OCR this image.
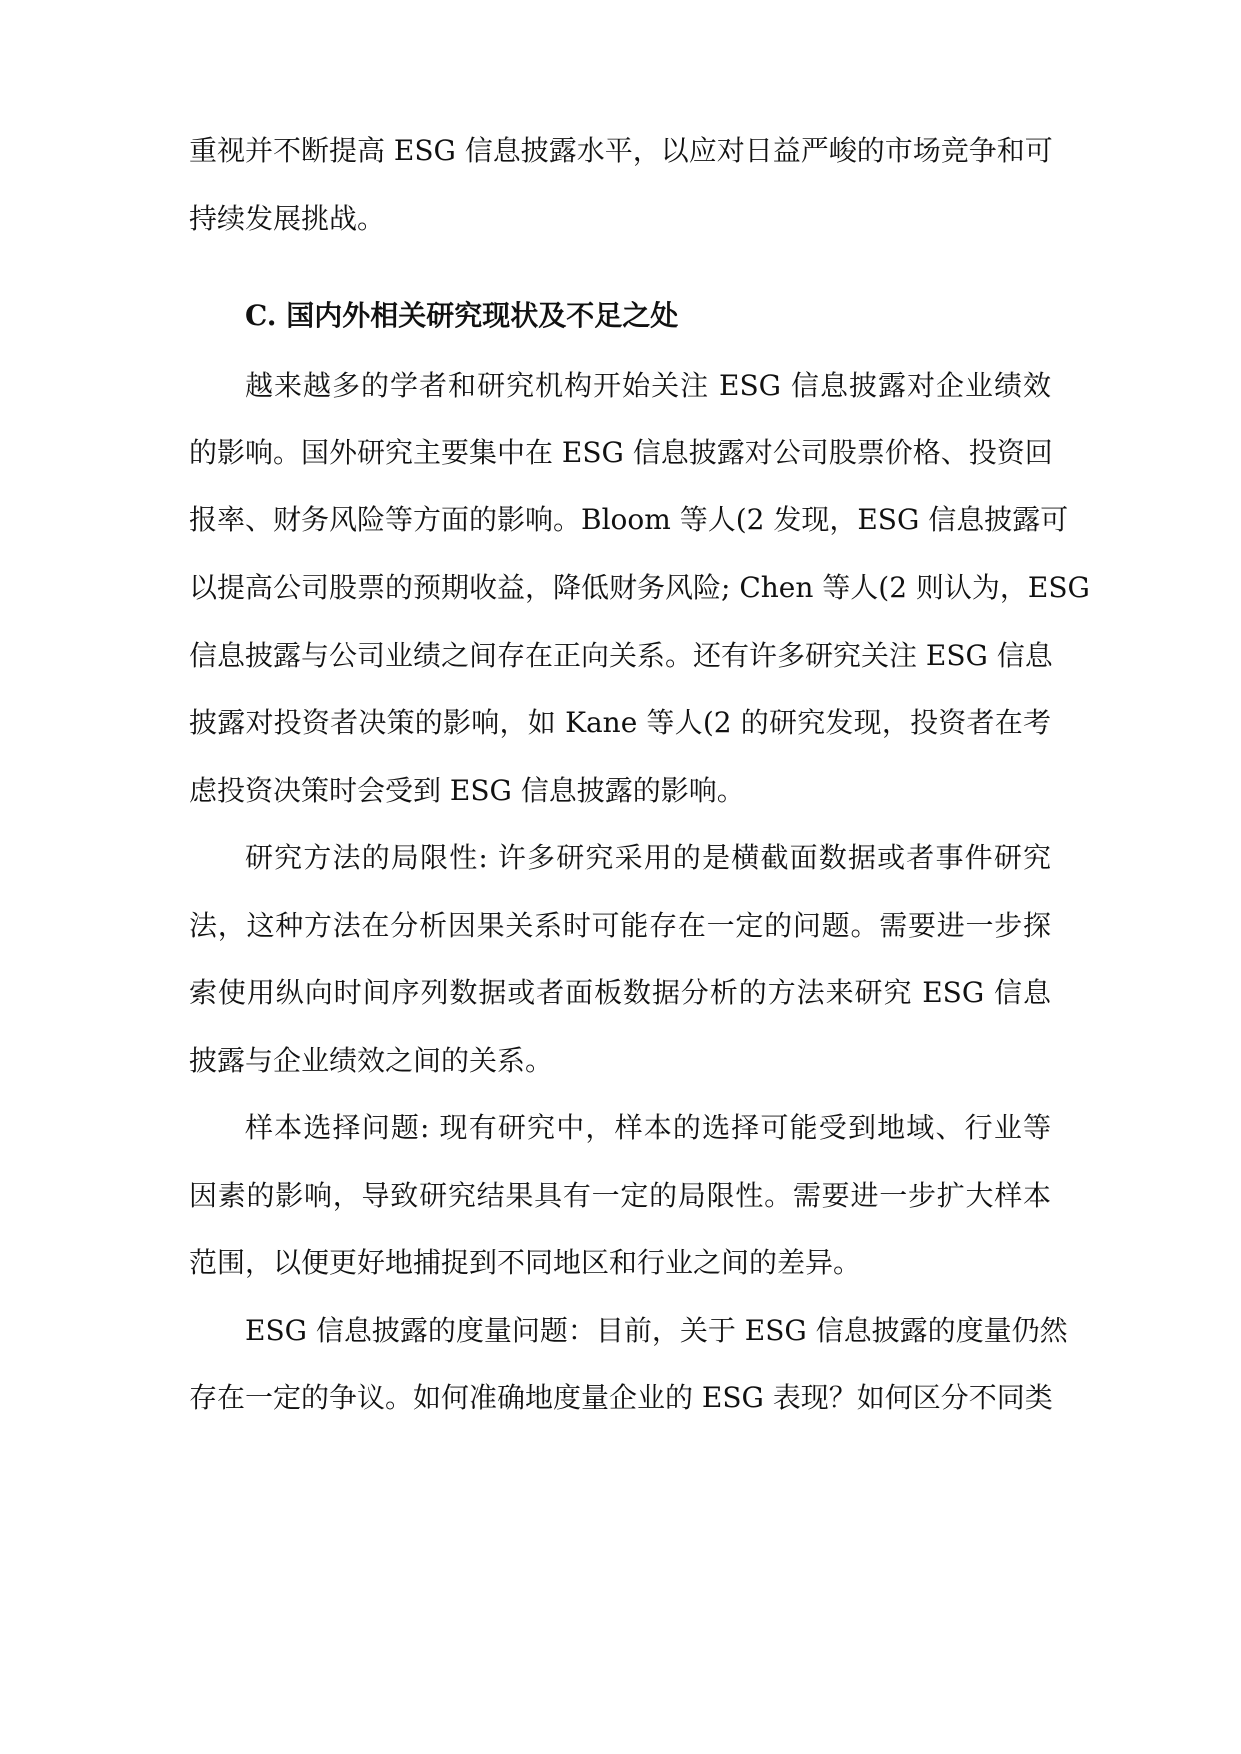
重视并不断提高 ESG 信息披露水平，以应对日益严峻的市场竞争和可
持续发展挑战。
C. 国内外相关研究现状及不足之处
越来越多的学者和研究机构开始关注 ESG 信息披露对企业绩效
的影响。国外研究主要集中在 ESG 信息披露对公司股票价格、投资回
报率、财务风险等方面的影响。Bloom 等人(2 发现，ESG 信息披露可
以提高公司股票的预期收益，降低财务风险; Chen 等人(2 则认为，ESG
信息披露与公司业绩之间存在正向关系。还有许多研究关注 ESG 信息
披露对投资者决策的影响，如 Kane 等人(2 的研究发现，投资者在考
虑投资决策时会受到 ESG 信息披露的影响。
研究方法的局限性: 许多研究采用的是横截面数据或者事件研究
法，这种方法在分析因果关系时可能存在一定的问题。需要进一步探
索使用纵向时间序列数据或者面板数据分析的方法来研究 ESG 信息
披露与企业绩效之间的关系。
样本选择问题: 现有研究中，样本的选择可能受到地域、行业等
因素的影响，导致研究结果具有一定的局限性。需要进一步扩大样本
范围，以便更好地捕捉到不同地区和行业之间的差异。
ESG 信息披露的度量问题：目前，关于 ESG 信息披露的度量仍然
存在一定的争议。如何准确地度量企业的 ESG 表现？如何区分不同类
